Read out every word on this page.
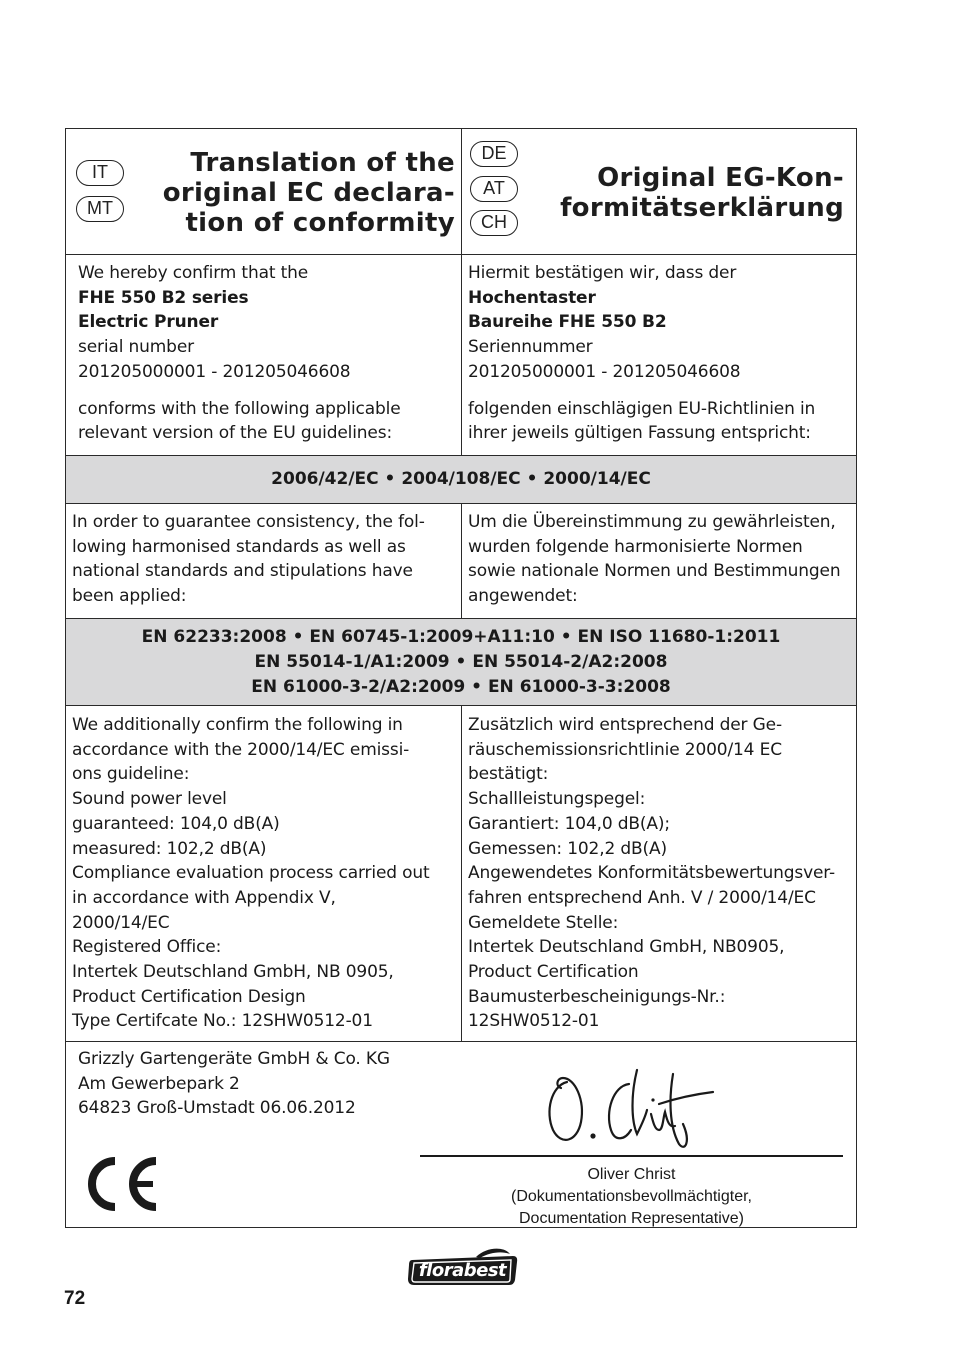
IT
MT
Translation of the
original EC declara-
tion of conformity
DE
AT
CH
Original EG-Kon-
formitätserklärung
We hereby confirm that the
FHE 550 B2 series
Electric Pruner
serial number
201205000001 - 201205046608
conforms with the following applicable
relevant version of the EU guidelines:
Hiermit bestätigen wir, dass der
Hochentaster
Baureihe FHE 550 B2
Seriennummer
201205000001 - 201205046608
folgenden einschlägigen EU-Richtlinien in
ihrer jeweils gültigen Fassung entspricht:
2006/42/EC • 2004/108/EC • 2000/14/EC
In order to guarantee consistency, the fol-
lowing harmonised standards as well as
national standards and stipulations have
been applied:
Um die Übereinstimmung zu gewährleisten,
wurden folgende harmonisierte Normen
sowie nationale Normen und Bestimmungen
angewendet:
EN 62233:2008 • EN 60745-1:2009+A11:10 • EN ISO 11680-1:2011
EN 55014-1/A1:2009 • EN 55014-2/A2:2008
EN 61000-3-2/A2:2009 • EN 61000-3-3:2008
We additionally confirm the following in
accordance with the 2000/14/EC emissi-
ons guideline:
Sound power level
guaranteed: 104,0 dB(A)
measured: 102,2 dB(A)
Compliance evaluation process carried out
in accordance with Appendix V,
2000/14/EC
Registered Office:
Intertek Deutschland GmbH, NB 0905,
Product Certification Design
Type Certifcate No.: 12SHW0512-01
Zusätzlich wird entsprechend der Ge-
räuschemissionsrichtlinie 2000/14 EC
bestätigt:
Schallleistungspegel:
Garantiert: 104,0 dB(A);
Gemessen: 102,2 dB(A)
Angewendetes Konformitätsbewertungsver-
fahren entsprechend Anh. V / 2000/14/EC
Gemeldete Stelle:
Intertek Deutschland GmbH, NB0905,
Product Certification
Baumusterbescheinigungs-Nr.:
12SHW0512-01
Grizzly Gartengeräte GmbH & Co. KG
Am Gewerbepark 2
64823 Groß-Umstadt 06.06.2012
Oliver Christ
(Dokumentationsbevollmächtigter,
Documentation Representative)
florabest
72
